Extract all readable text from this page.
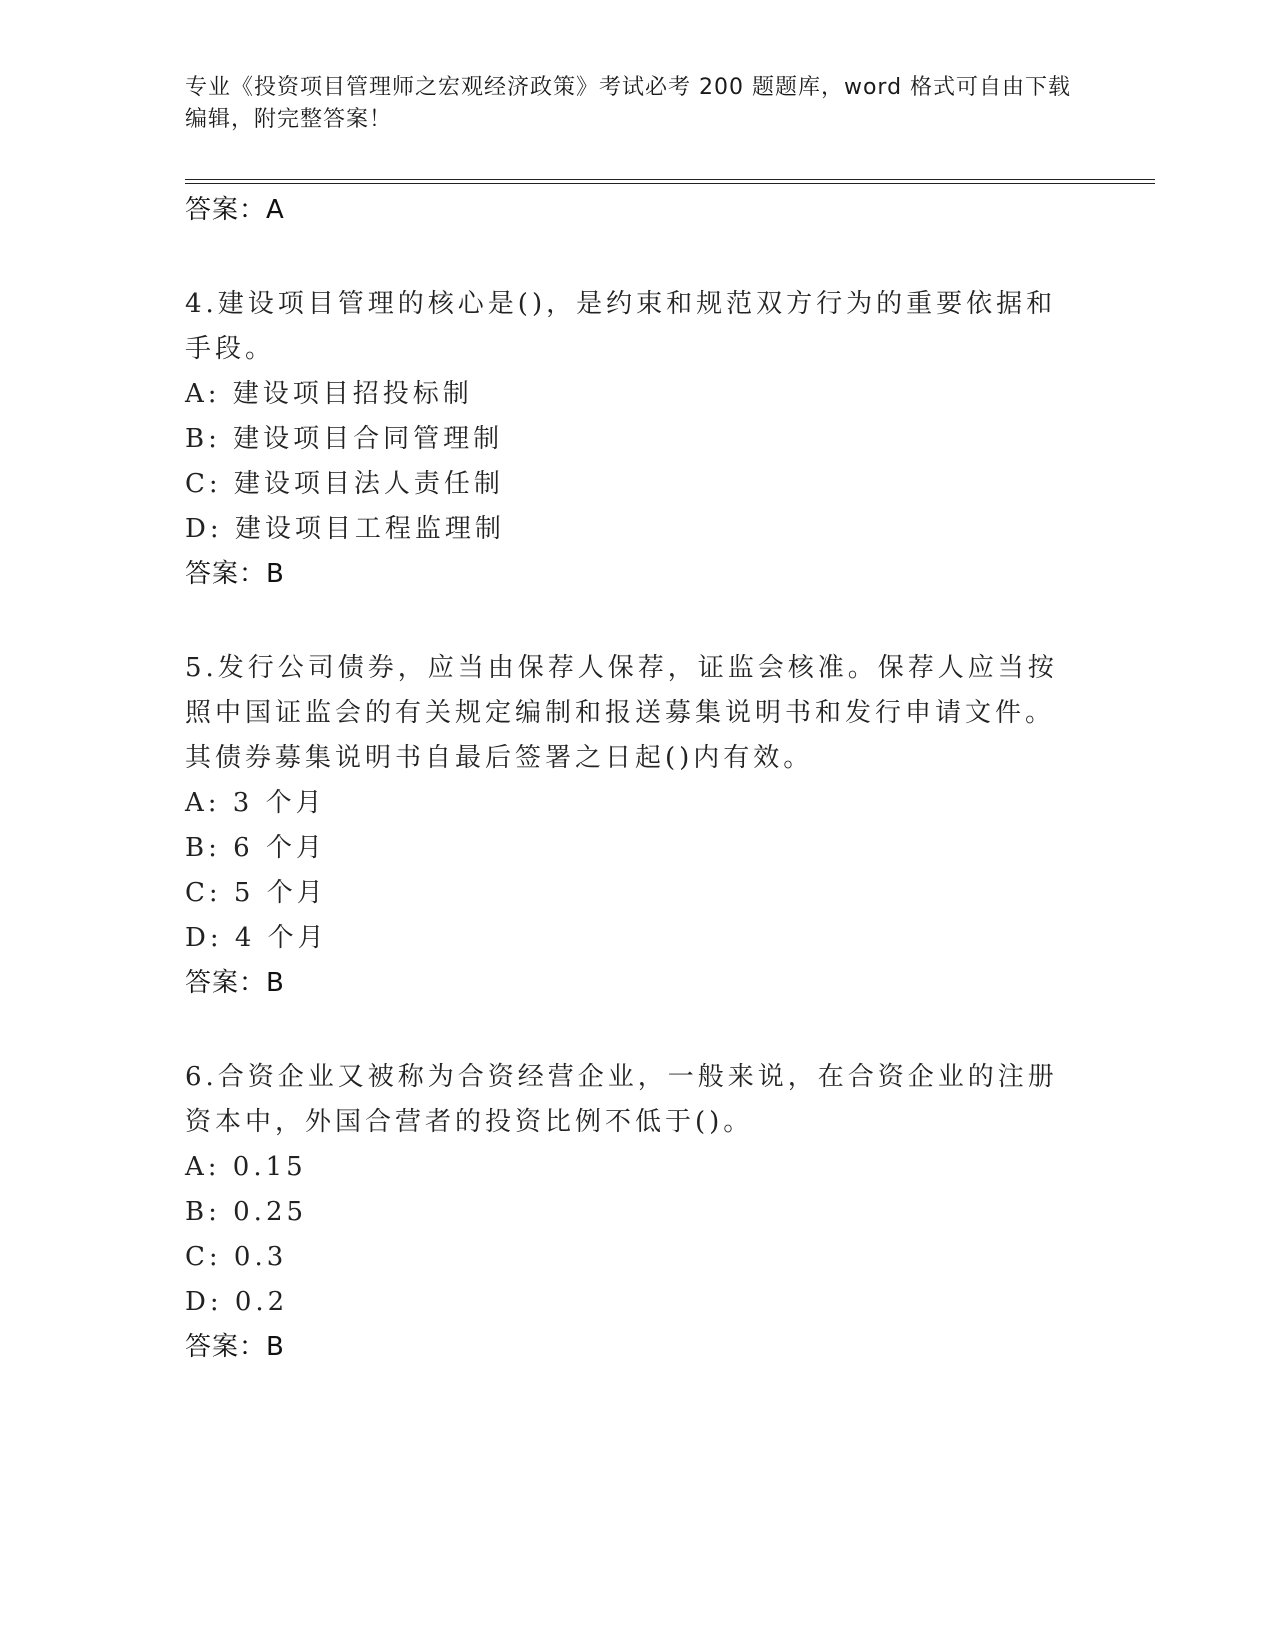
专业《投资项目管理师之宏观经济政策》考试必考 200 题题库，word 格式可自由下载编辑，附完整答案！
答案：A
4.建设项目管理的核心是()，是约束和规范双方行为的重要依据和手段。
A: 建设项目招投标制
B: 建设项目合同管理制
C: 建设项目法人责任制
D: 建设项目工程监理制
答案：B
5.发行公司债券，应当由保荐人保荐，证监会核准。保荐人应当按照中国证监会的有关规定编制和报送募集说明书和发行申请文件。其债券募集说明书自最后签署之日起()内有效。
A: 3 个月
B: 6 个月
C: 5 个月
D: 4 个月
答案：B
6.合资企业又被称为合资经营企业，一般来说，在合资企业的注册资本中，外国合营者的投资比例不低于()。
A: 0.15
B: 0.25
C: 0.3
D: 0.2
答案：B
